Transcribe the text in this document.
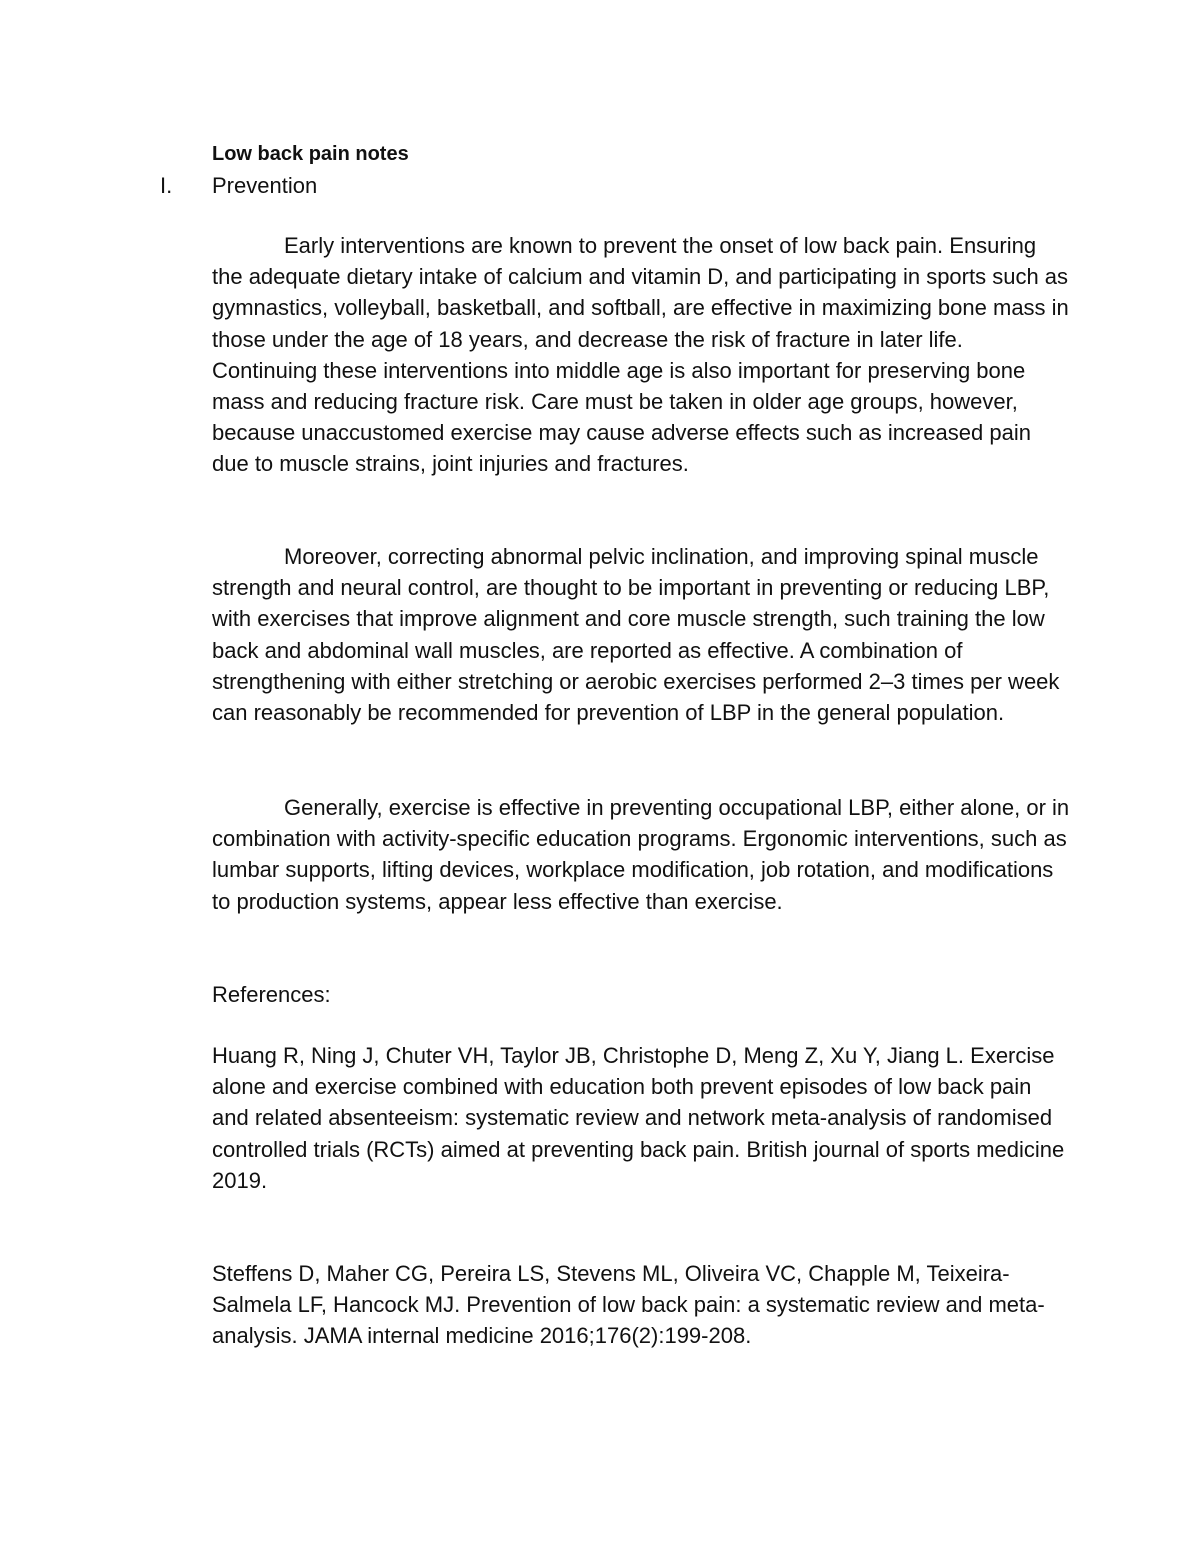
Low back pain notes
I. Prevention

Early interventions are known to prevent the onset of low back pain. Ensuring the adequate dietary intake of calcium and vitamin D, and participating in sports such as gymnastics, volleyball, basketball, and softball, are effective in maximizing bone mass in those under the age of 18 years, and decrease the risk of fracture in later life. Continuing these interventions into middle age is also important for preserving bone mass and reducing fracture risk. Care must be taken in older age groups, however, because unaccustomed exercise may cause adverse effects such as increased pain due to muscle strains, joint injuries and fractures.

Moreover, correcting abnormal pelvic inclination, and improving spinal muscle strength and neural control, are thought to be important in preventing or reducing LBP, with exercises that improve alignment and core muscle strength, such training the low back and abdominal wall muscles, are reported as effective. A combination of strengthening with either stretching or aerobic exercises performed 2–3 times per week can reasonably be recommended for prevention of LBP in the general population.

Generally, exercise is effective in preventing occupational LBP, either alone, or in combination with activity-specific education programs. Ergonomic interventions, such as lumbar supports, lifting devices, workplace modification, job rotation, and modifications to production systems, appear less effective than exercise.

References:

Huang R, Ning J, Chuter VH, Taylor JB, Christophe D, Meng Z, Xu Y, Jiang L. Exercise alone and exercise combined with education both prevent episodes of low back pain and related absenteeism: systematic review and network meta-analysis of randomised controlled trials (RCTs) aimed at preventing back pain. British journal of sports medicine 2019.

Steffens D, Maher CG, Pereira LS, Stevens ML, Oliveira VC, Chapple M, Teixeira-Salmela LF, Hancock MJ. Prevention of low back pain: a systematic review and meta-analysis. JAMA internal medicine 2016;176(2):199-208.
